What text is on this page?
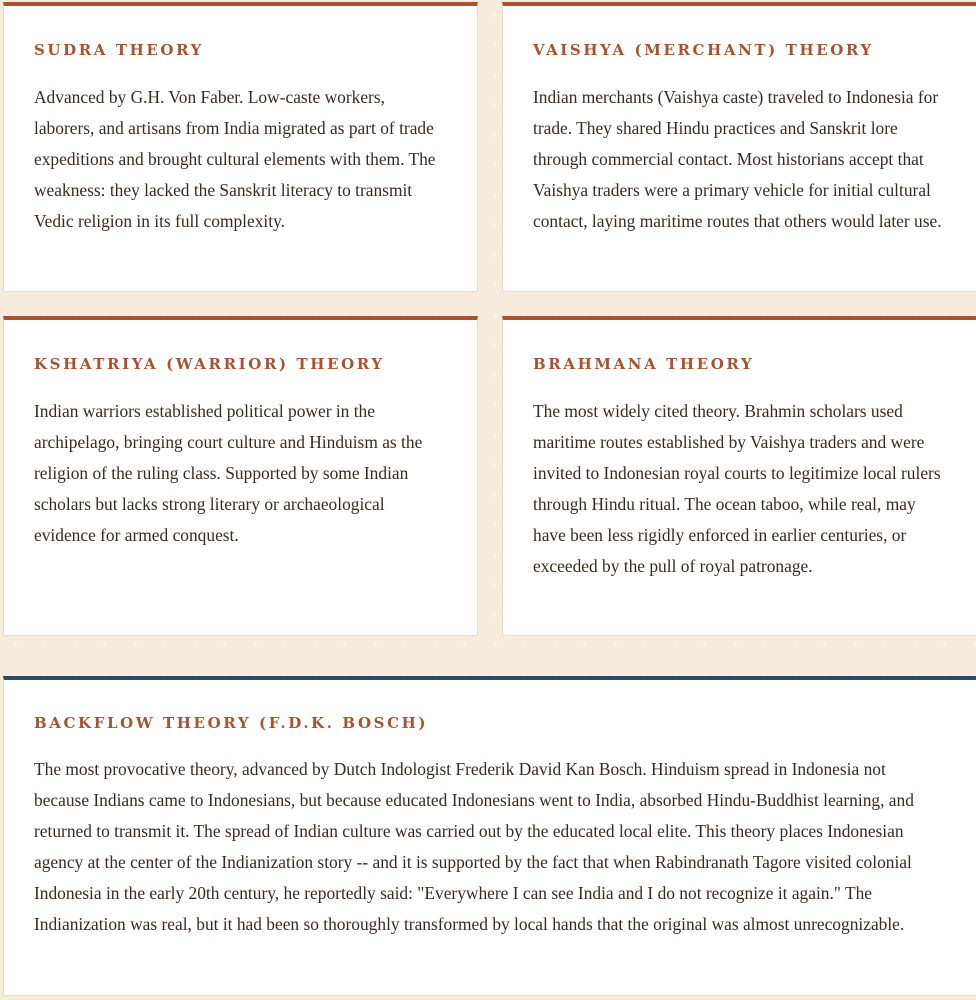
SUDRA THEORY

Advanced by G.H. Von Faber. Low-caste workers, laborers, and artisans from India migrated as part of trade expeditions and brought cultural elements with them. The weakness: they lacked the Sanskrit literacy to transmit Vedic religion in its full complexity.

VAISHYA (MERCHANT) THEORY

Indian merchants (Vaishya caste) traveled to Indonesia for trade. They shared Hindu practices and Sanskrit lore through commercial contact. Most historians accept that Vaishya traders were a primary vehicle for initial cultural contact, laying maritime routes that others would later use.

KSHATRIYA (WARRIOR) THEORY

Indian warriors established political power in the archipelago, bringing court culture and Hinduism as the religion of the ruling class. Supported by some Indian scholars but lacks strong literary or archaeological evidence for armed conquest.

BRAHMANA THEORY

The most widely cited theory. Brahmin scholars used maritime routes established by Vaishya traders and were invited to Indonesian royal courts to legitimize local rulers through Hindu ritual. The ocean taboo, while real, may have been less rigidly enforced in earlier centuries, or exceeded by the pull of royal patronage.

BACKFLOW THEORY (F.D.K. BOSCH)

The most provocative theory, advanced by Dutch Indologist Frederik David Kan Bosch. Hinduism spread in Indonesia not because Indians came to Indonesians, but because educated Indonesians went to India, absorbed Hindu-Buddhist learning, and returned to transmit it. The spread of Indian culture was carried out by the educated local elite. This theory places Indonesian agency at the center of the Indianization story -- and it is supported by the fact that when Rabindranath Tagore visited colonial Indonesia in the early 20th century, he reportedly said: "Everywhere I can see India and I do not recognize it again." The Indianization was real, but it had been so thoroughly transformed by local hands that the original was almost unrecognizable.
